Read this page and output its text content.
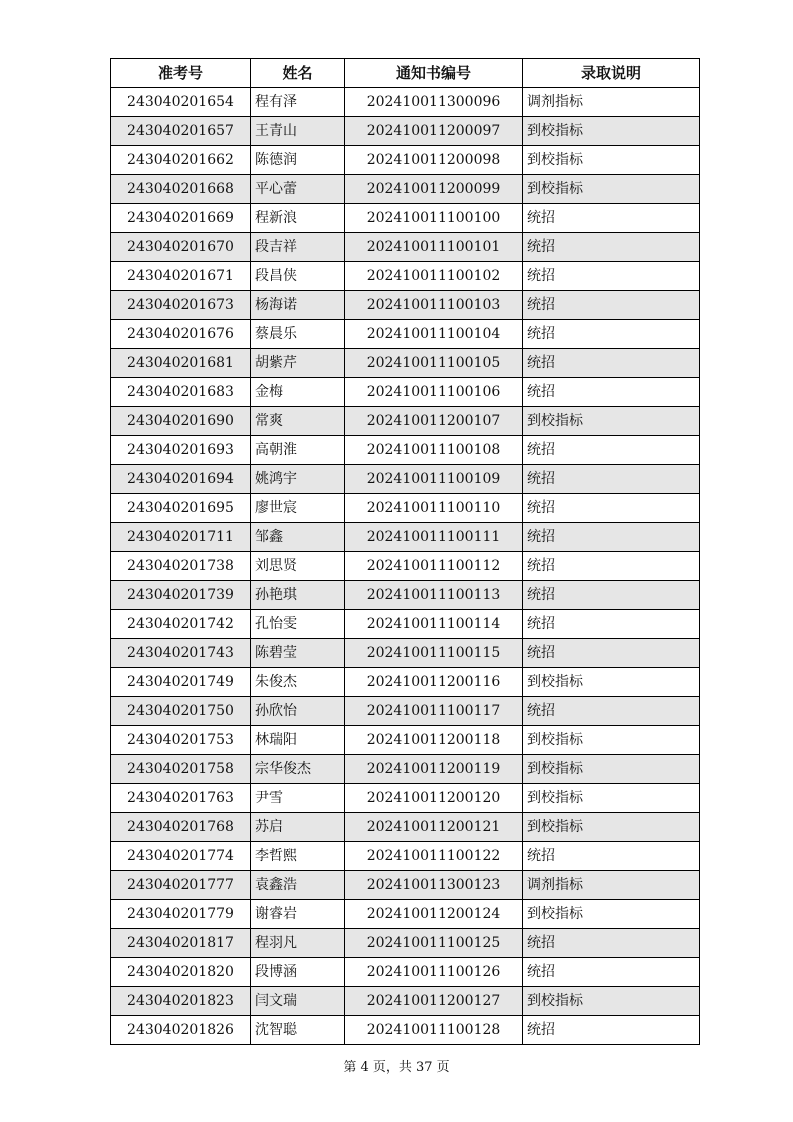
准考号	姓名	通知书编号	录取说明
243040201654	程有泽	202410011300096	调剂指标
243040201657	王青山	202410011200097	到校指标
243040201662	陈德润	202410011200098	到校指标
243040201668	平心蕾	202410011200099	到校指标
243040201669	程新浪	202410011100100	统招
243040201670	段吉祥	202410011100101	统招
243040201671	段昌侠	202410011100102	统招
243040201673	杨海诺	202410011100103	统招
243040201676	蔡晨乐	202410011100104	统招
243040201681	胡紫芹	202410011100105	统招
243040201683	金梅	202410011100106	统招
243040201690	常爽	202410011200107	到校指标
243040201693	高朝淮	202410011100108	统招
243040201694	姚鸿宇	202410011100109	统招
243040201695	廖世宸	202410011100110	统招
243040201711	邹鑫	202410011100111	统招
243040201738	刘思贤	202410011100112	统招
243040201739	孙艳琪	202410011100113	统招
243040201742	孔怡雯	202410011100114	统招
243040201743	陈碧莹	202410011100115	统招
243040201749	朱俊杰	202410011200116	到校指标
243040201750	孙欣怡	202410011100117	统招
243040201753	林瑞阳	202410011200118	到校指标
243040201758	宗华俊杰	202410011200119	到校指标
243040201763	尹雪	202410011200120	到校指标
243040201768	苏启	202410011200121	到校指标
243040201774	李哲熙	202410011100122	统招
243040201777	袁鑫浩	202410011300123	调剂指标
243040201779	谢睿岩	202410011200124	到校指标
243040201817	程羽凡	202410011100125	统招
243040201820	段博涵	202410011100126	统招
243040201823	闫文瑞	202410011200127	到校指标
243040201826	沈智聪	202410011100128	统招
第 4 页，共 37 页
